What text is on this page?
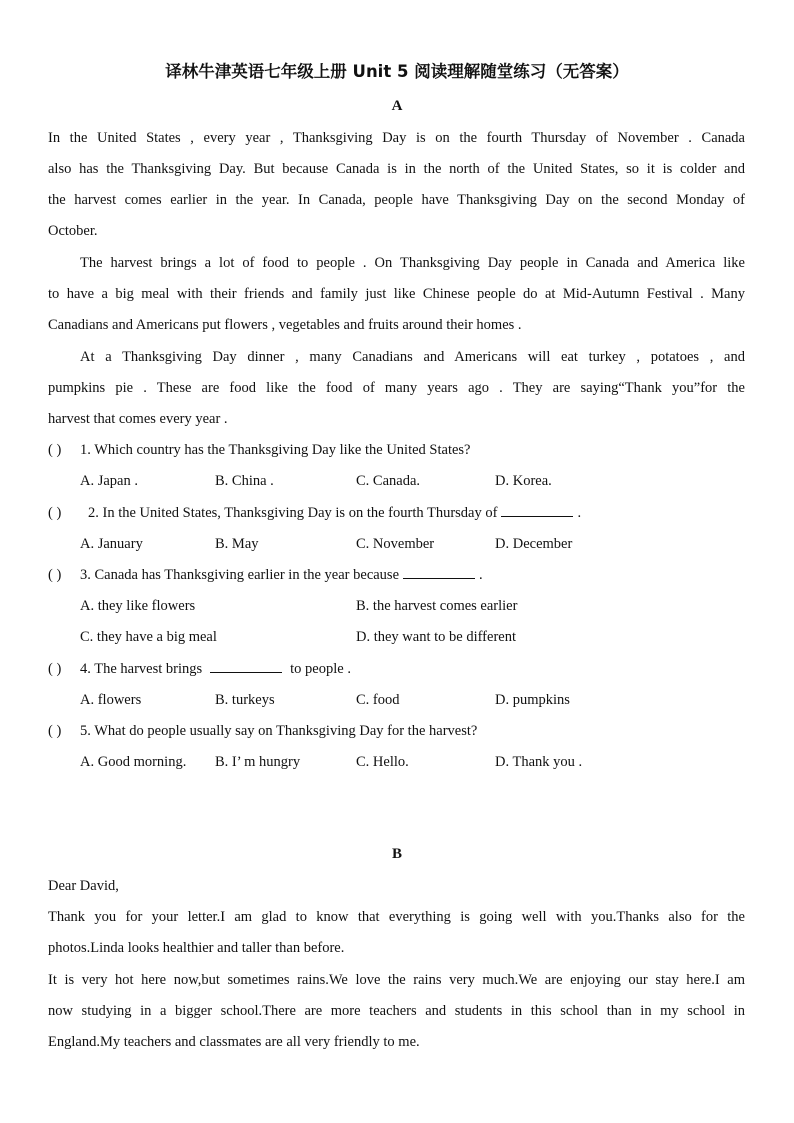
译林牛津英语七年级上册 Unit 5 阅读理解随堂练习（无答案）
A
In the United States , every year , Thanksgiving Day is on the fourth Thursday of November . Canada
also has the Thanksgiving Day. But because Canada is in the north of the United States, so it is colder and
the harvest comes earlier in the year. In Canada, people have Thanksgiving Day on the second Monday of
October.
The harvest brings a lot of food to people . On Thanksgiving Day people in Canada and America like
to have a big meal with their friends and family just like Chinese people do at Mid-Autumn Festival . Many
Canadians and Americans put flowers , vegetables and fruits around their homes .
At a Thanksgiving Day dinner , many Canadians and Americans will eat turkey , potatoes , and
pumpkins pie . These are food like the food of many years ago . They are saying“Thank you”for the
harvest that comes every year .
( ) 1. Which country has the Thanksgiving Day like the United States?
A. Japan .	B. China .	C. Canada.	D. Korea.
( ) 2. In the United States, Thanksgiving Day is on the fourth Thursday of	.
A. January	B. May	C. November	D. December
( ) 3. Canada has Thanksgiving earlier in the year because	.
A. they like flowers	B. the harvest comes earlier
C. they have a big meal	D. they want to be different
( ) 4. The harvest brings	to people .
A. flowers	B. turkeys	C. food	D. pumpkins
( ) 5. What do people usually say on Thanksgiving Day for the harvest?
A. Good morning. B. I’ m hungry	C. Hello.	D. Thank you .
B
Dear David,
Thank you for your letter.I am glad to know that everything is going well with you.Thanks also for the
photos.Linda looks healthier and taller than before.
It is very hot here now,but sometimes rains.We love the rains very much.We are enjoying our stay here.I am
now studying in a bigger school.There are more teachers and students in this school than in my school in
England.My teachers and classmates are all very friendly to me.
